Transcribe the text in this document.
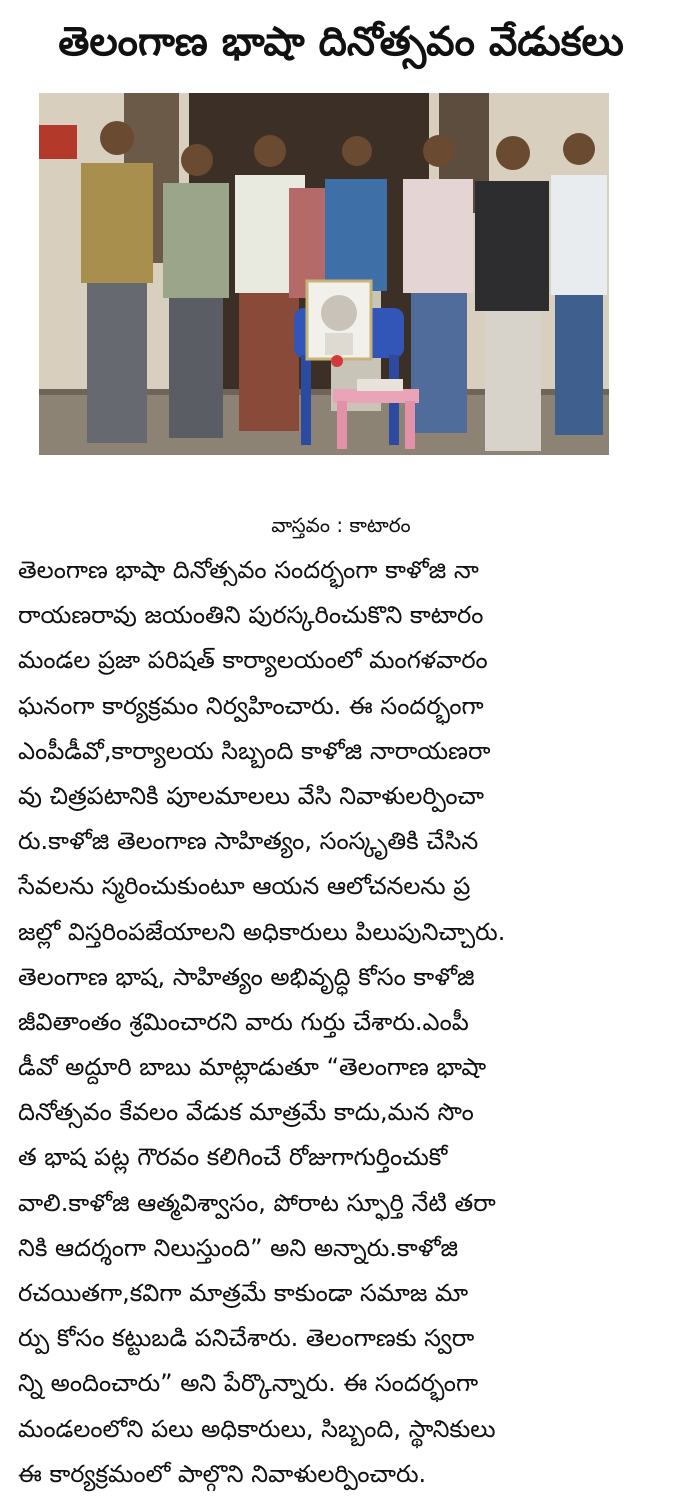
తెలంగాణ భాషా దినోత్సవం వేడుకలు
వాస్తవం : కాటారం
తెలంగాణ భాషా దినోత్సవం సందర్భంగా కాళోజి నా
రాయణరావు జయంతిని పురస్కరించుకొని కాటారం
మండల ప్రజా పరిషత్ కార్యాలయంలో మంగళవారం
ఘనంగా కార్యక్రమం నిర్వహించారు. ఈ సందర్భంగా
ఎంపీడీవో,కార్యాలయ సిబ్బంది కాళోజి నారాయణరా
వు చిత్రపటానికి పూలమాలలు వేసి నివాళులర్పించా
రు.కాళోజి తెలంగాణ సాహిత్యం, సంస్కృతికి చేసిన
సేవలను స్మరించుకుంటూ ఆయన ఆలోచనలను ప్ర
జల్లో విస్తరింపజేయాలని అధికారులు పిలుపునిచ్చారు.
తెలంగాణ భాష, సాహిత్యం అభివృద్ధి కోసం కాళోజి
జీవితాంతం శ్రమించారని వారు గుర్తు చేశారు.ఎంపీ
డీవో అద్దూరి బాబు మాట్లాడుతూ “తెలంగాణ భాషా
దినోత్సవం కేవలం వేడుక మాత్రమే కాదు,మన సొం
త భాష పట్ల గౌరవం కలిగించే రోజుగాగుర్తించుకో
వాలి.కాళోజి ఆత్మవిశ్వాసం, పోరాట స్ఫూర్తి నేటి తరా
నికి ఆదర్శంగా నిలుస్తుంది” అని అన్నారు.కాళోజి
రచయితగా,కవిగా మాత్రమే కాకుండా సమాజ మా
ర్పు కోసం కట్టుబడి పనిచేశారు. తెలంగాణకు స్వరా
న్ని అందించారు” అని పేర్కొన్నారు. ఈ సందర్భంగా
మండలంలోని పలు అధికారులు, సిబ్బంది, స్థానికులు
ఈ కార్యక్రమంలో పాల్గొని నివాళులర్పించారు.
